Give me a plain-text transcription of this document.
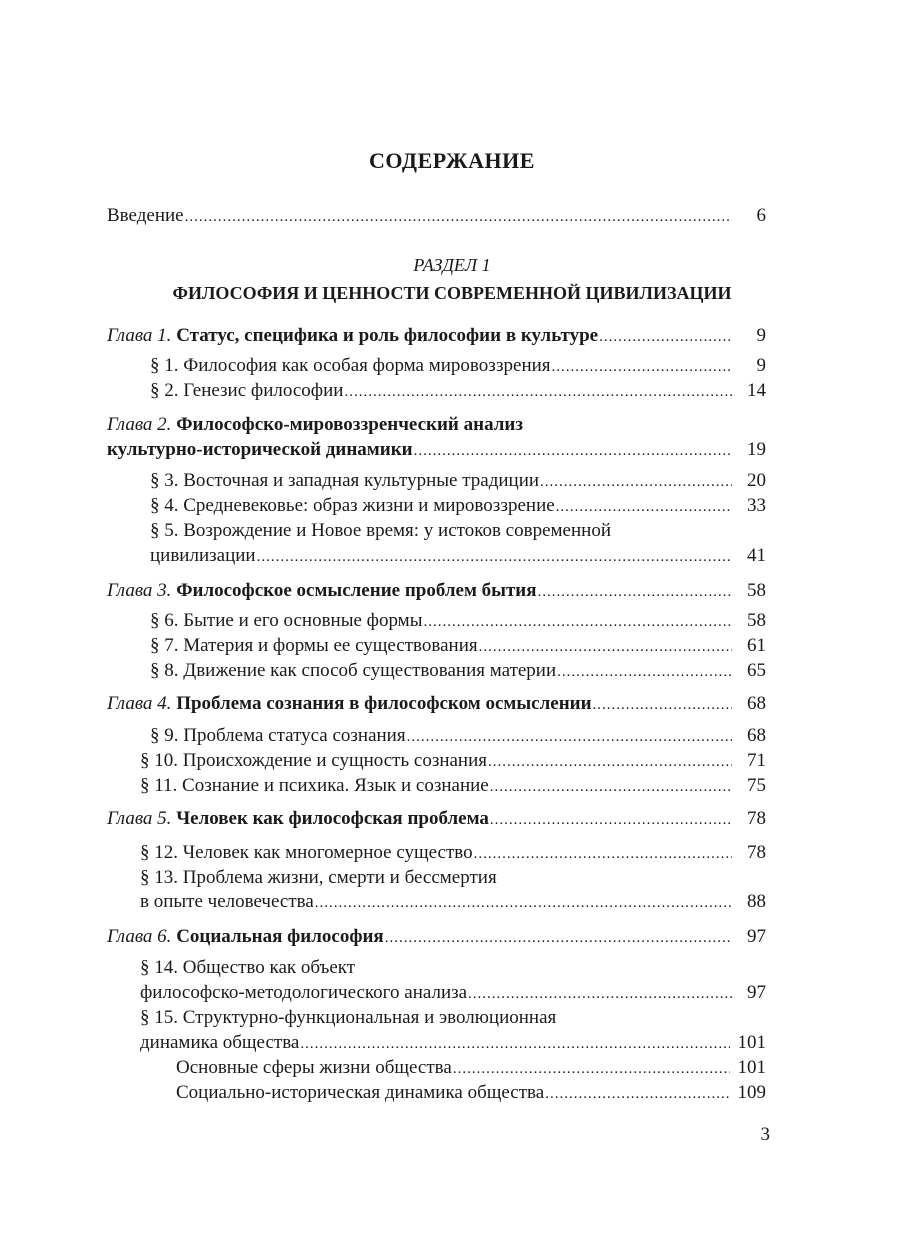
СОДЕРЖАНИЕ
Введение .....	6
РАЗДЕЛ 1
ФИЛОСОФИЯ И ЦЕННОСТИ СОВРЕМЕННОЙ ЦИВИЛИЗАЦИИ
Глава 1. Статус, специфика и роль философии в культуре .....	9
§ 1. Философия как особая форма мировоззрения .....	9
§ 2. Генезис философии .....	14
Глава 2. Философско-мировоззренческий анализ
культурно-исторической динамики .....	19
§ 3. Восточная и западная культурные традиции .....	20
§ 4. Средневековье: образ жизни и мировоззрение .....	33
§ 5. Возрождение и Новое время: у истоков современной
цивилизации .....	41
Глава 3. Философское осмысление проблем бытия .....	58
§ 6. Бытие и его основные формы .....	58
§ 7. Материя и формы ее существования .....	61
§ 8. Движение как способ существования материи .....	65
Глава 4. Проблема сознания в философском осмыслении .....	68
§ 9. Проблема статуса сознания .....	68
§ 10. Происхождение и сущность сознания .....	71
§ 11. Сознание и психика. Язык и сознание .....	75
Глава 5. Человек как философская проблема .....	78
§ 12. Человек как многомерное существо .....	78
§ 13. Проблема жизни, смерти и бессмертия
в опыте человечества .....	88
Глава 6. Социальная философия .....	97
§ 14. Общество как объект
философско-методологического анализа .....	97
§ 15. Структурно-функциональная и эволюционная
динамика общества .....	101
Основные сферы жизни общества .....	101
Социально-историческая динамика общества .....	109
3
